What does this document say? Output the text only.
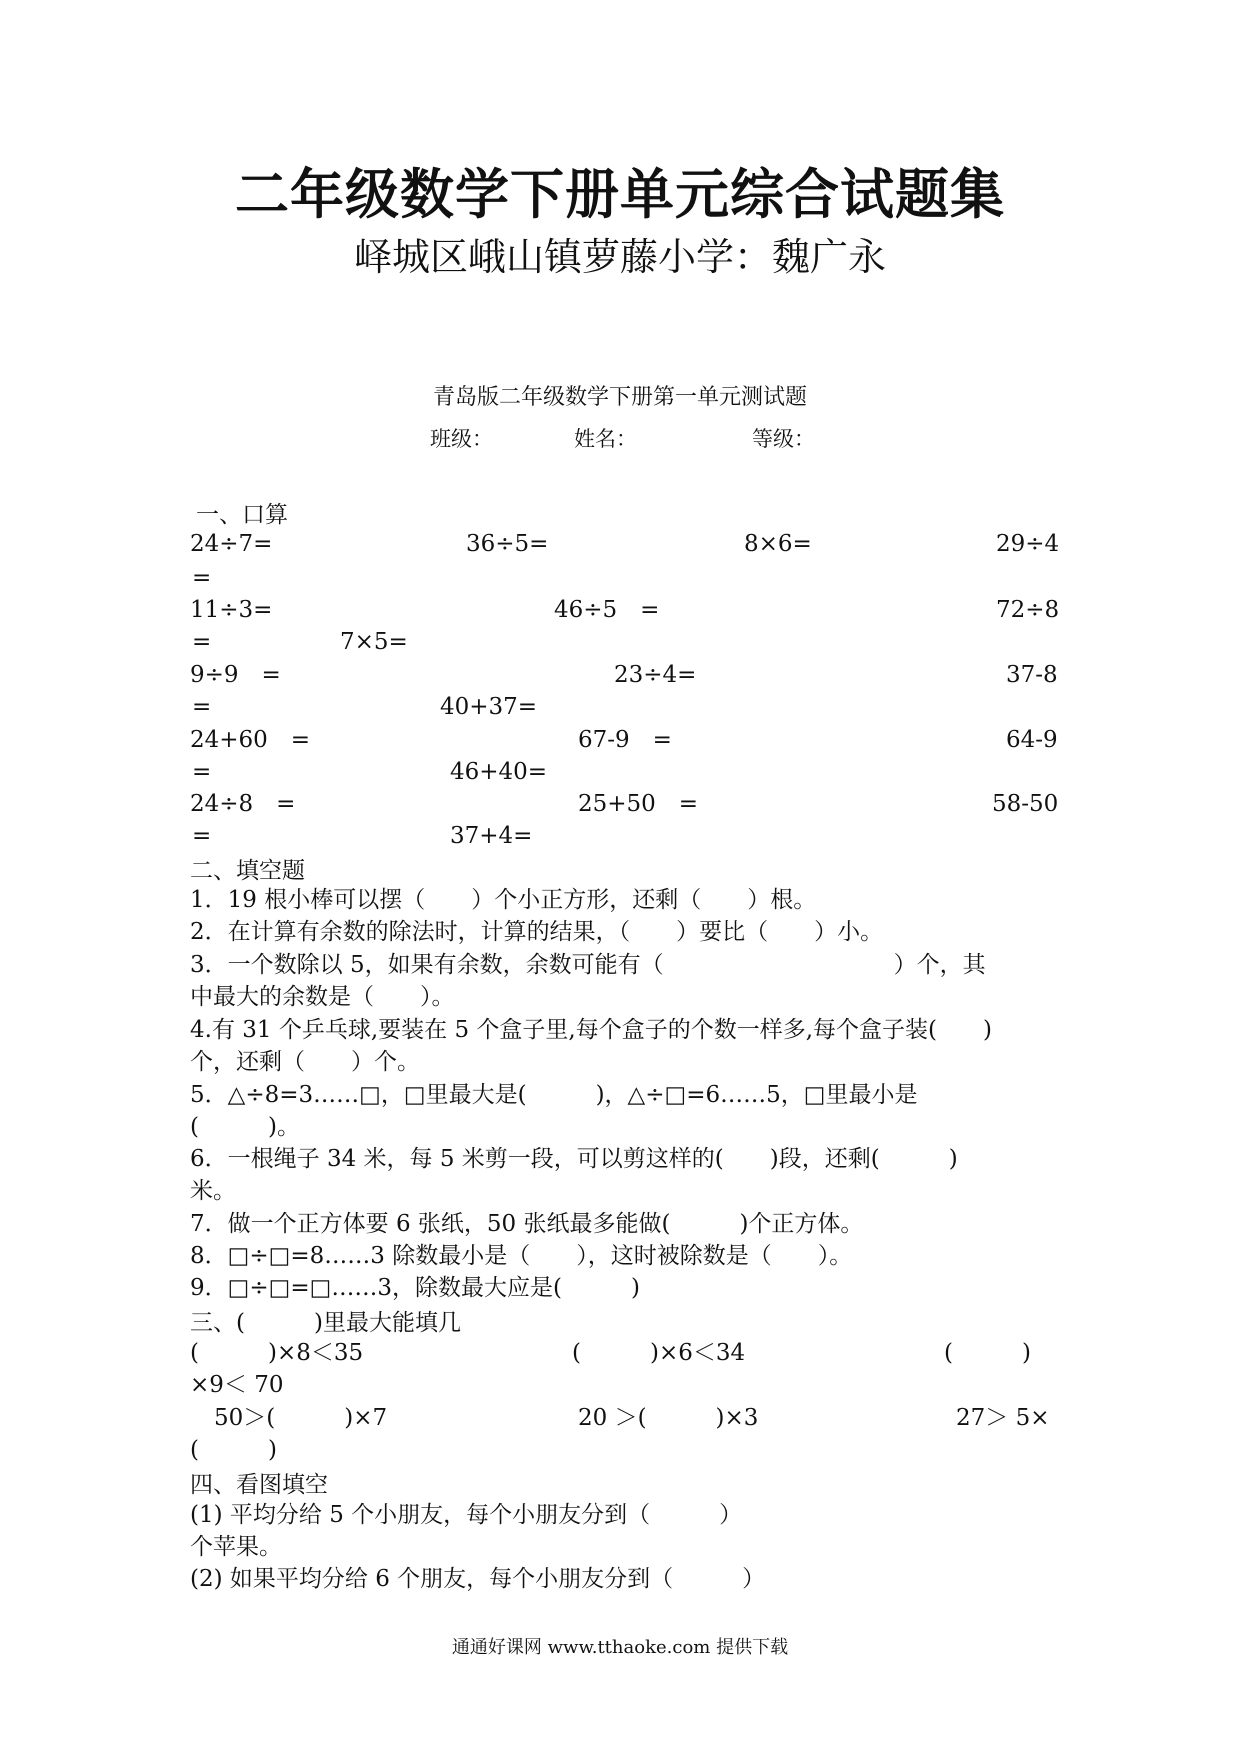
二年级数学下册单元综合试题集
峄城区峨山镇萝藤小学：魏广永
青岛版二年级数学下册第一单元测试题
班级：	姓名：	等级：
一、口算
24÷7=	36÷5=	8×6=	29÷4
=
11÷3=	46÷5　=	72÷8
=	7×5=
9÷9　=	23÷4=	37-8
=	40+37=
24+60　=	67-9　=	64-9
=	46+40=
24÷8　=	25+50　=	58-50
=	37+4=
二、填空题
1．19 根小棒可以摆（　　）个小正方形，还剩（　　）根。
2．在计算有余数的除法时，计算的结果，（　　）要比（　　）小。
3．一个数除以 5，如果有余数，余数可能有（　　　　　　　　　　）个，其
中最大的余数是（　　）。
4.有 31 个乒乓球,要装在 5 个盒子里,每个盒子的个数一样多,每个盒子装(　　)
个，还剩（　　）个。
5．△÷8=3……□，□里最大是(　　　)，△÷□=6……5，□里最小是
(　　　)。
6．一根绳子 34 米，每 5 米剪一段，可以剪这样的(　　)段，还剩(　　　)
米。
7．做一个正方体要 6 张纸，50 张纸最多能做(　　　)个正方体。
8．□÷□=8……3 除数最小是（　　），这时被除数是（　　）。
9．□÷□=□……3，除数最大应是(　　　)
三、(　　　)里最大能填几
(　　　)×8＜35	(　　　)×6＜34	(　　　)
×9＜ 70
50＞(　　　)×7	20 ＞(　　　)×3	27＞ 5×
(　　　)
四、看图填空
(1) 平均分给 5 个小朋友，每个小朋友分到（　　　）
个苹果。
(2) 如果平均分给 6 个朋友，每个小朋友分到（　　　）
通通好课网 www.tthaoke.com 提供下载
